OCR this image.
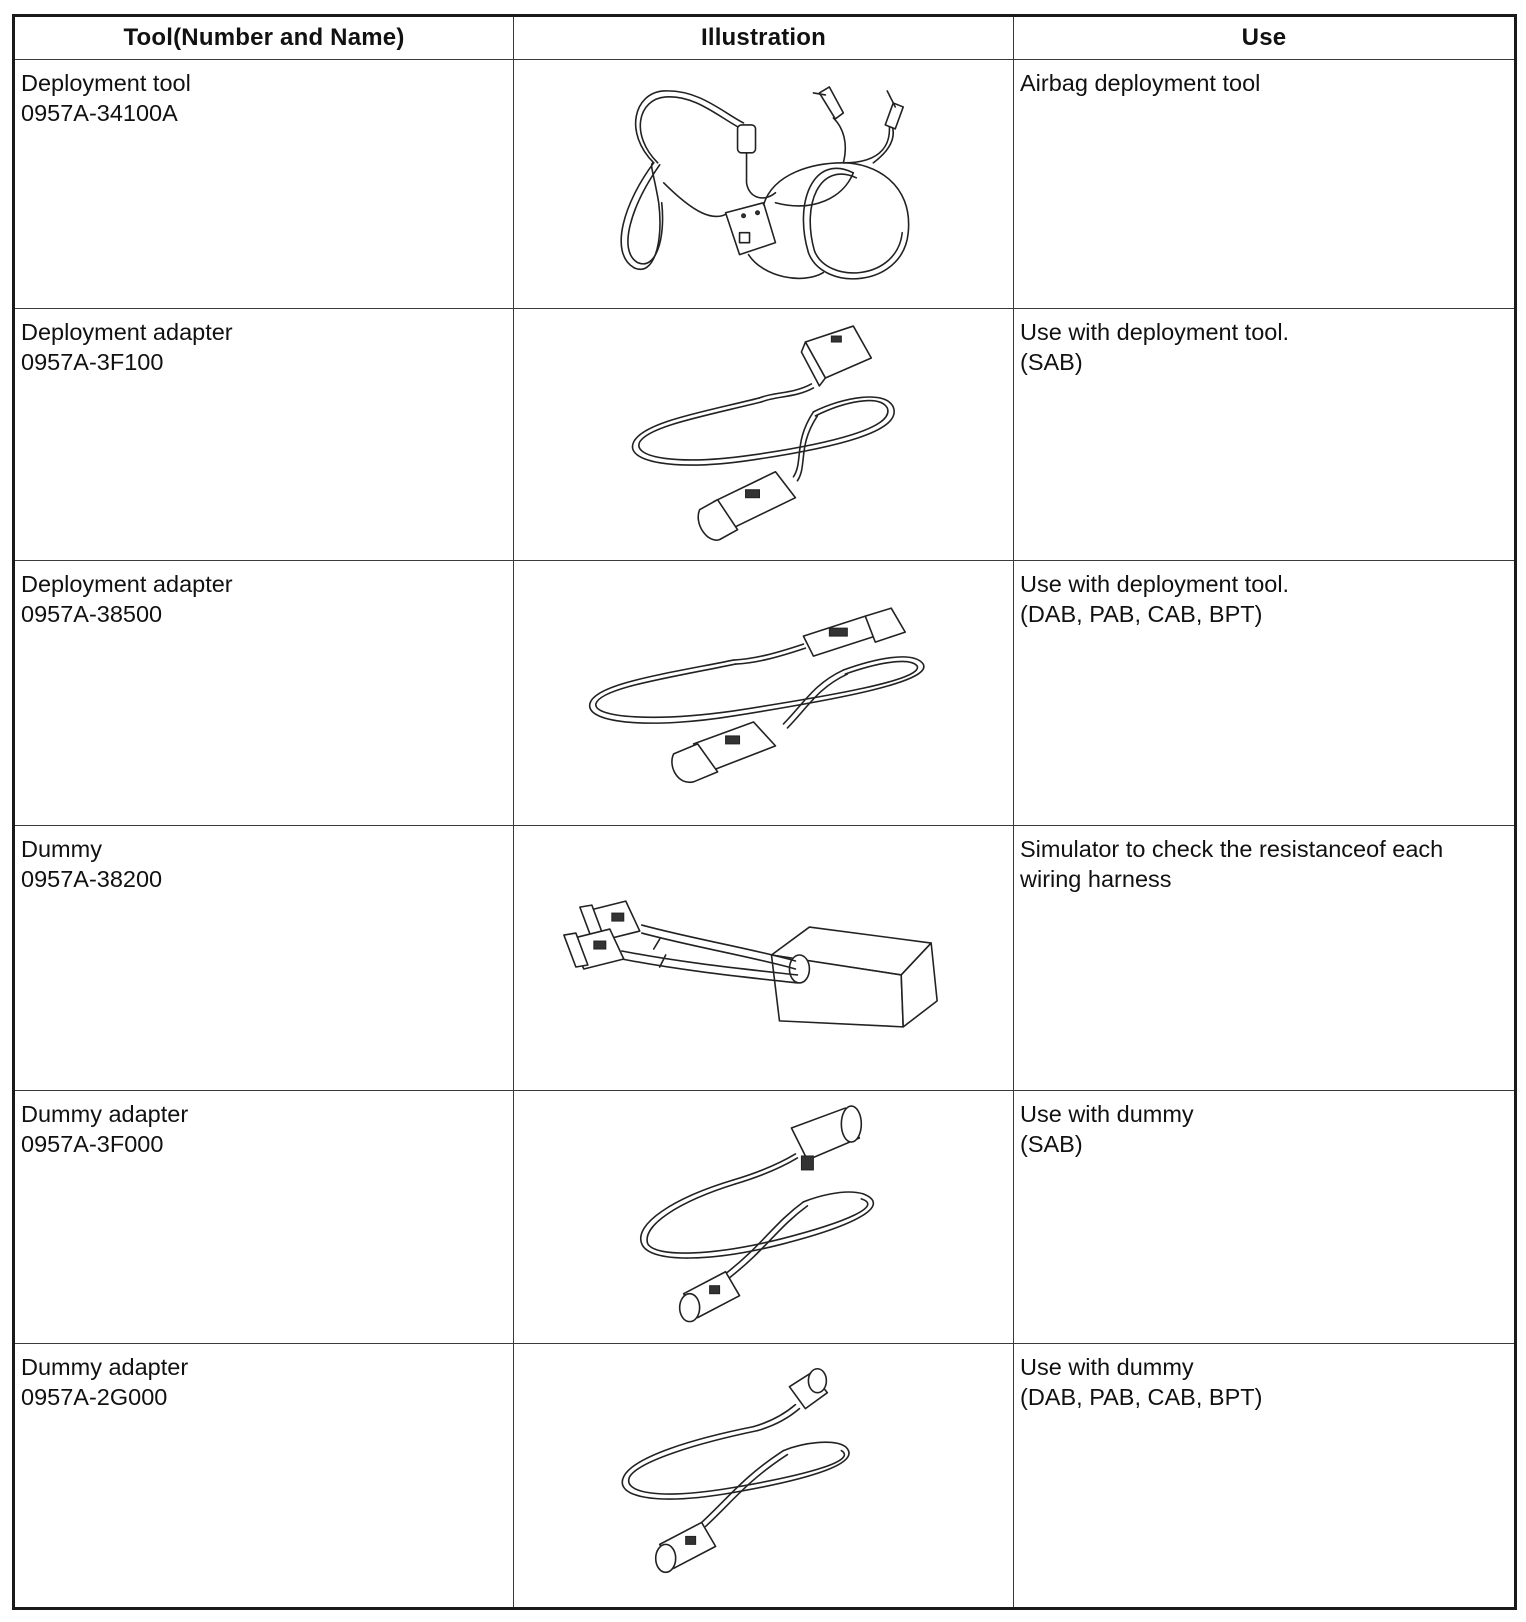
Tool(Number and Name)	Illustration	Use

Deployment tool
0957A-34100A		Airbag deployment tool

Deployment adapter
0957A-3F100		Use with deployment tool.
(SAB)

Deployment adapter
0957A-38500		Use with deployment tool.
(DAB, PAB, CAB, BPT)

Dummy
0957A-38200		Simulator to check the resistanceof each
wiring harness

Dummy adapter
0957A-3F000		Use with dummy
(SAB)

Dummy adapter
0957A-2G000		Use with dummy
(DAB, PAB, CAB, BPT)
